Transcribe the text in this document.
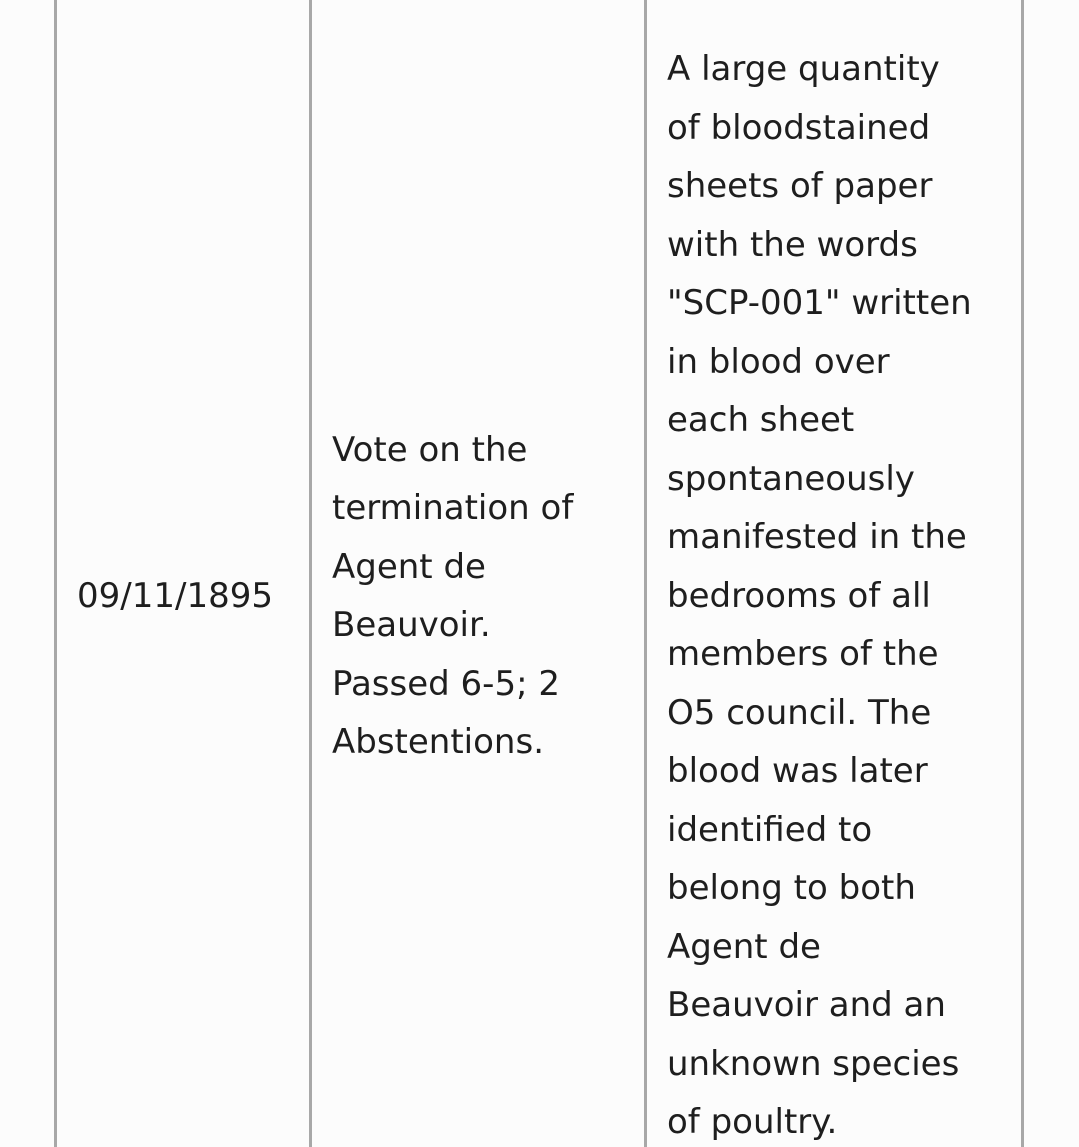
09/11/1895
Vote on the
termination of
Agent de
Beauvoir.
Passed 6-5; 2
Abstentions.
A large quantity
of bloodstained
sheets of paper
with the words
"SCP-001" written
in blood over
each sheet
spontaneously
manifested in the
bedrooms of all
members of the
O5 council. The
blood was later
identified to
belong to both
Agent de
Beauvoir and an
unknown species
of poultry.
